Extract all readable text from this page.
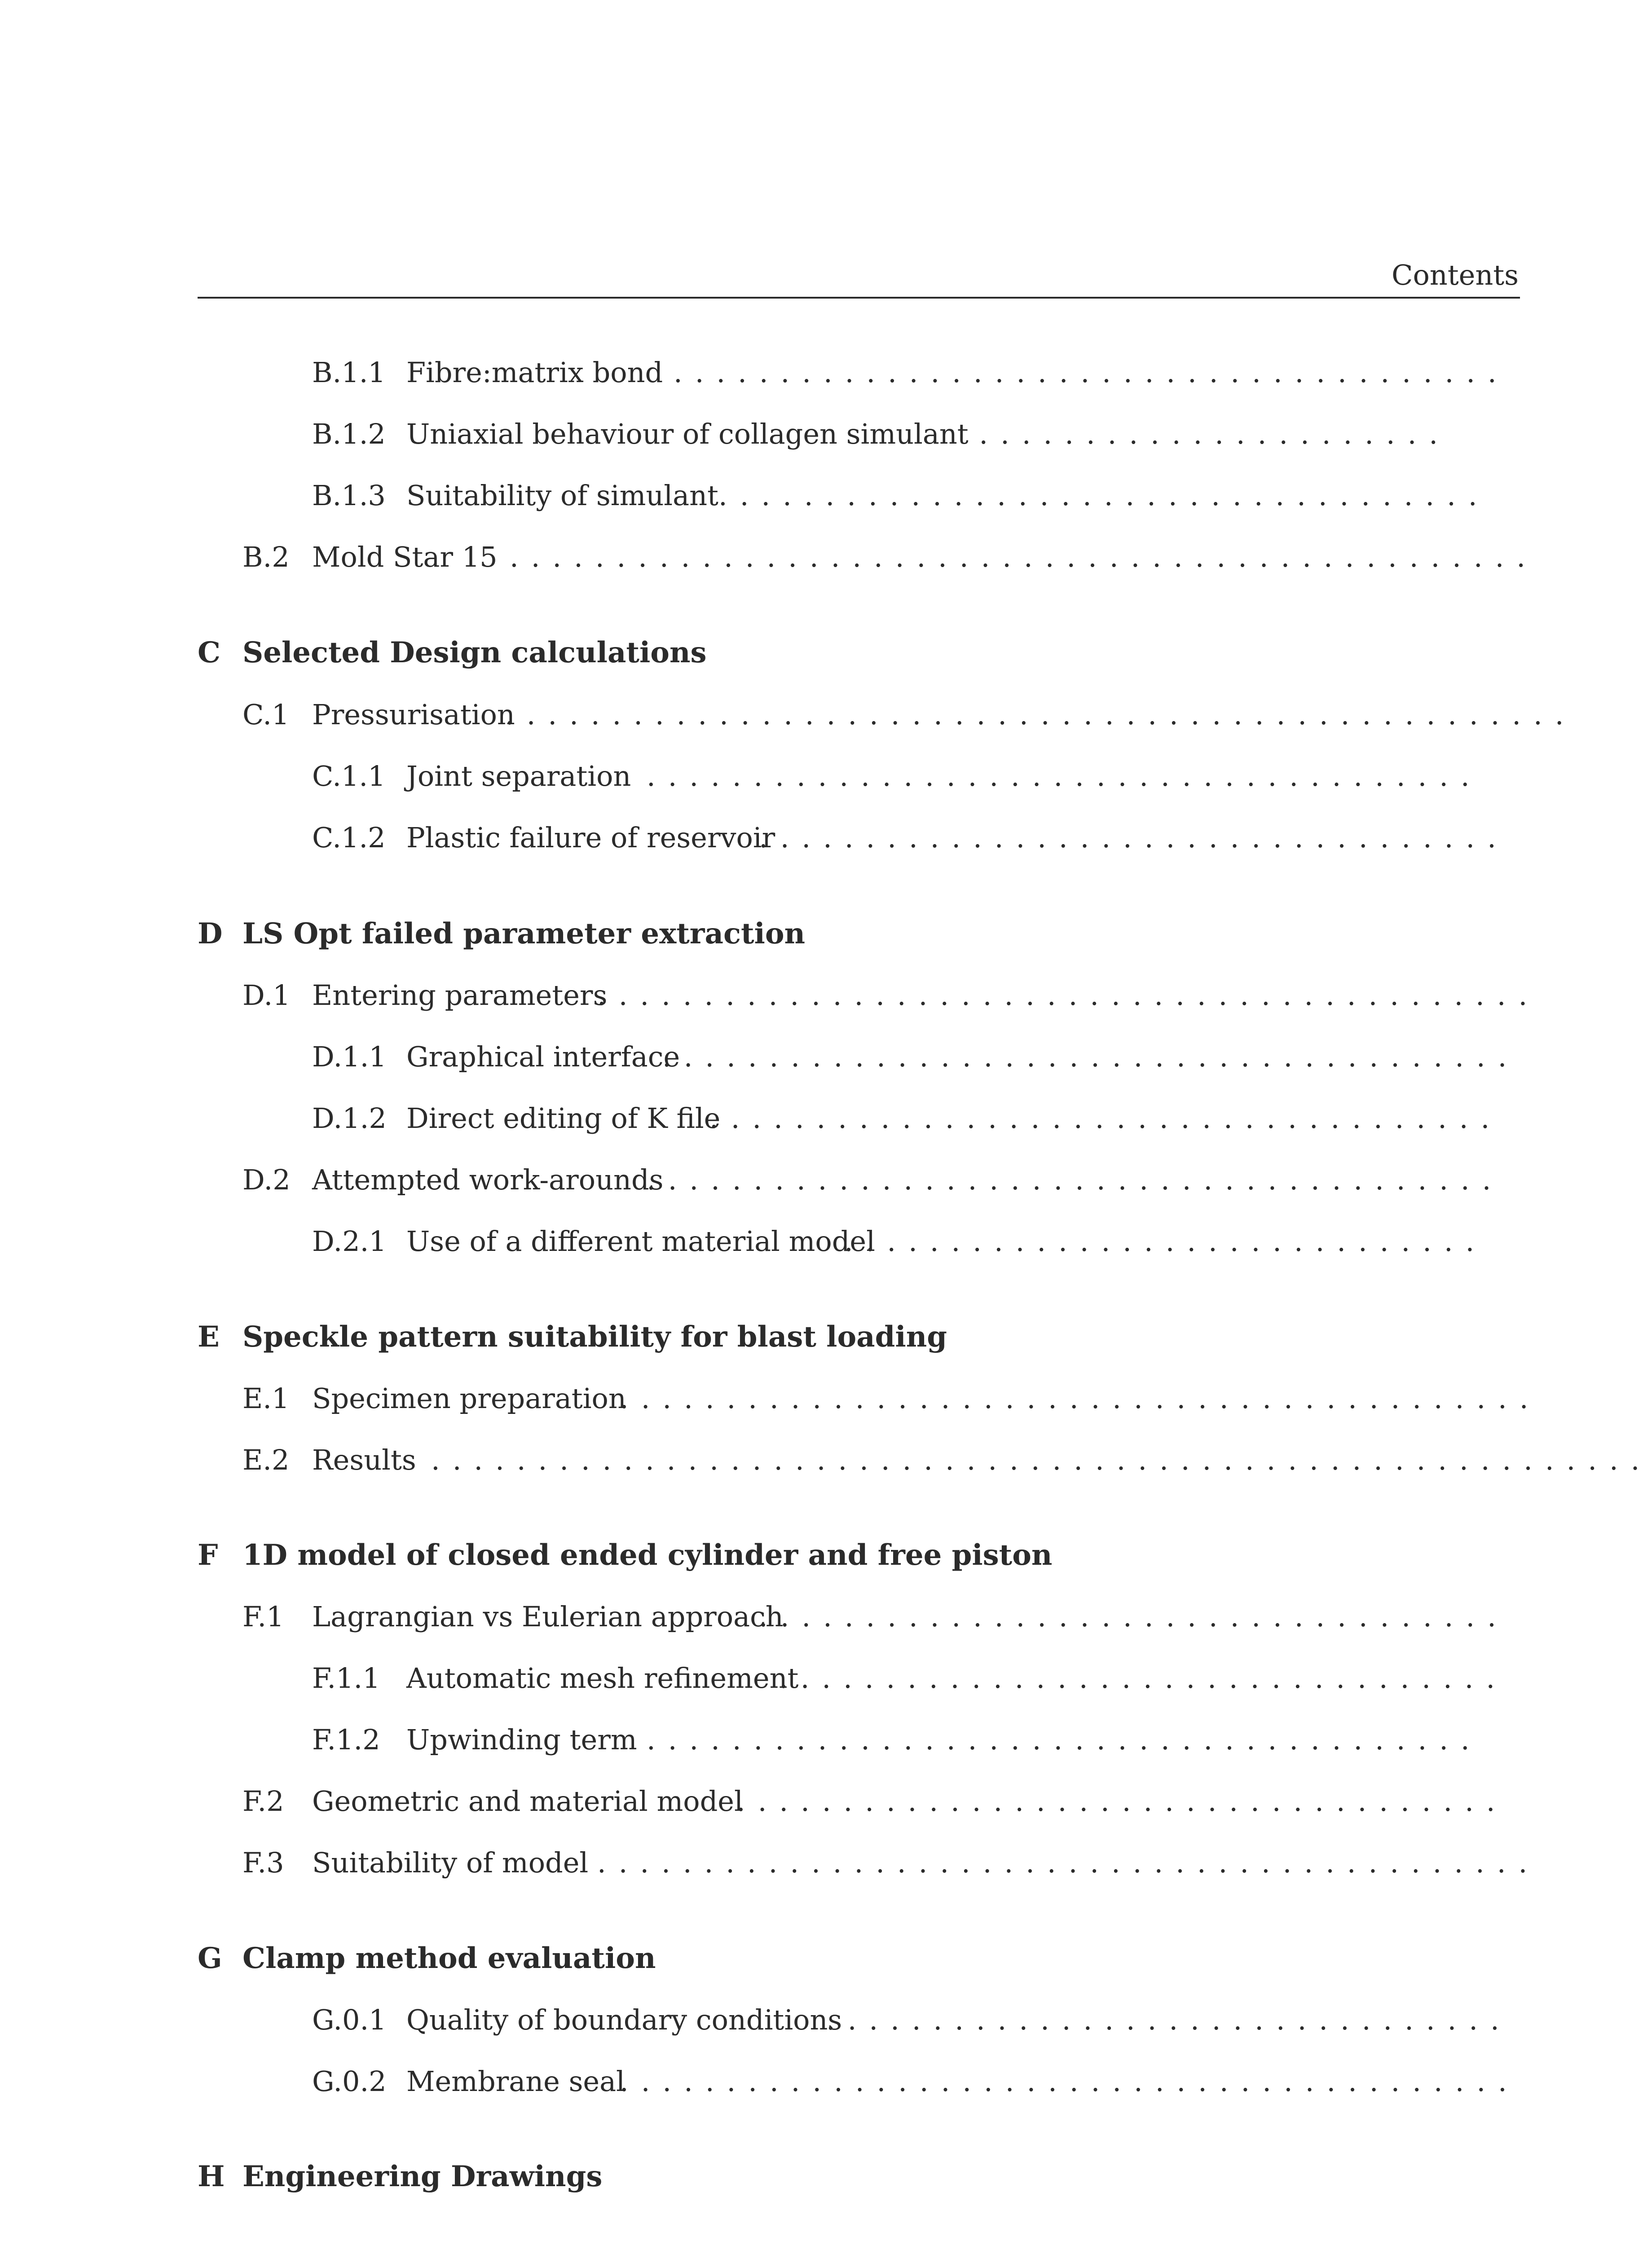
Contents
B.1.1 Fibre:matrix bond .......................................
B.1.2 Uniaxial behaviour of collagen simulant ......................
B.1.3 Suitability of simulant ....................................
B.2 Mold Star 15 ................................................
C Selected Design calculations
C.1 Pressurisation
..................................................
C.1.1 Joint separation .......................................
C.1.2 Plastic failure of reservoir
...................................
D LS Opt failed parameter extraction
D.1 Entering parameters
............................................
D.1.1 Graphical interface
........................................
D.1.2 Direct editing of K file
.....................................
D.2 Attempted work-arounds
........................................
D.2.1 Use of a different material model
..............................
E Speckle pattern suitability for blast loading
E.1 Specimen preparation
...........................................
E.2 Results .........................................................
F 1D model of closed ended cylinder and free piston
F.1 Lagrangian vs Eulerian approach
...................................
F.1.1 Automatic mesh refinement
..................................
F.1.2 Upwinding term .......................................
F.2 Geometric and material model
....................................
F.3 Suitability of model ............................................
G Clamp method evaluation
G.0.1 Quality of boundary conditions
................................
G.0.2 Membrane seal
..........................................
H Engineering Drawings
